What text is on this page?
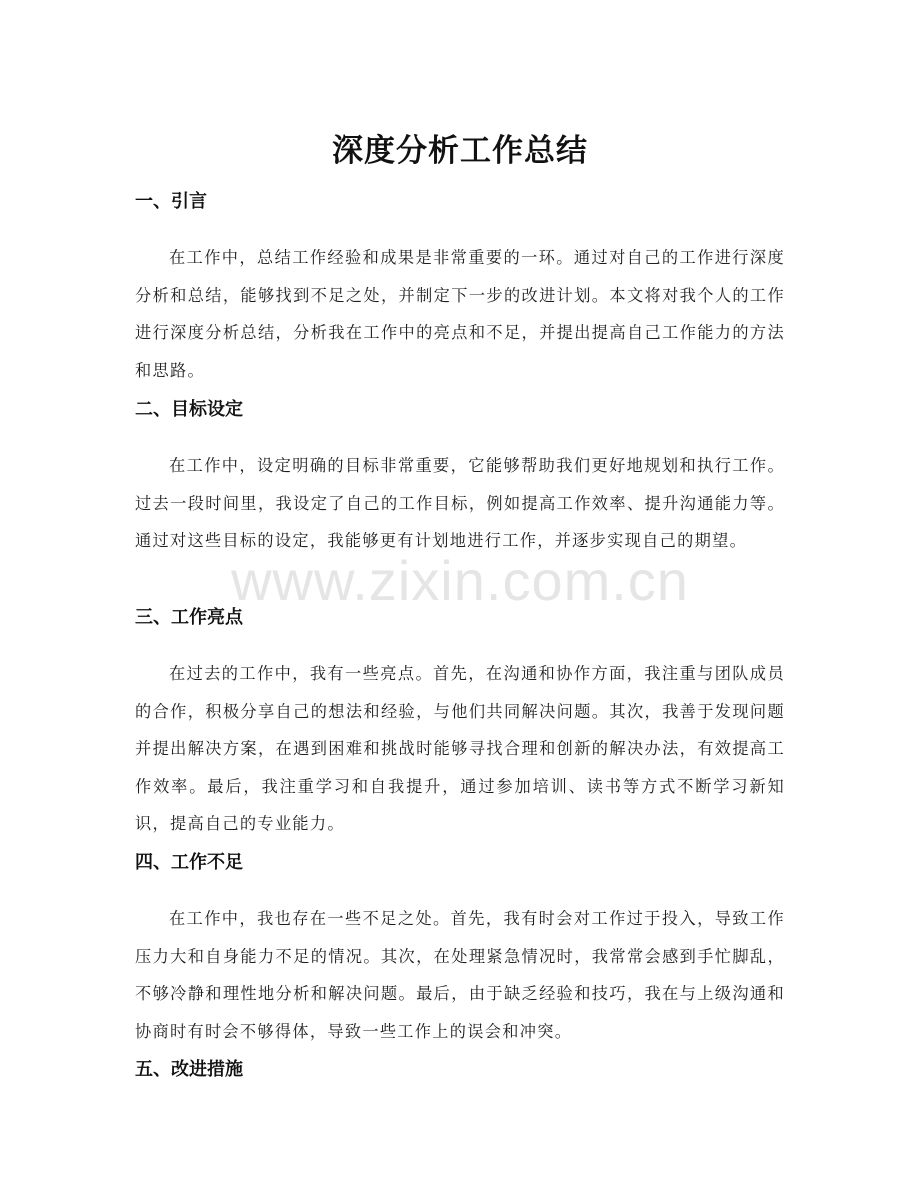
www.zixin.com.cn
深度分析工作总结
一、引言

在工作中，总结工作经验和成果是非常重要的一环。通过对自己的工作进行深度分析和总结，能够找到不足之处，并制定下一步的改进计划。本文将对我个人的工作进行深度分析总结，分析我在工作中的亮点和不足，并提出提高自己工作能力的方法和思路。

二、目标设定

在工作中，设定明确的目标非常重要，它能够帮助我们更好地规划和执行工作。过去一段时间里，我设定了自己的工作目标，例如提高工作效率、提升沟通能力等。通过对这些目标的设定，我能够更有计划地进行工作，并逐步实现自己的期望。

三、工作亮点

在过去的工作中，我有一些亮点。首先，在沟通和协作方面，我注重与团队成员的合作，积极分享自己的想法和经验，与他们共同解决问题。其次，我善于发现问题并提出解决方案，在遇到困难和挑战时能够寻找合理和创新的解决办法，有效提高工作效率。最后，我注重学习和自我提升，通过参加培训、读书等方式不断学习新知识，提高自己的专业能力。

四、工作不足

在工作中，我也存在一些不足之处。首先，我有时会对工作过于投入，导致工作压力大和自身能力不足的情况。其次，在处理紧急情况时，我常常会感到手忙脚乱，不够冷静和理性地分析和解决问题。最后，由于缺乏经验和技巧，我在与上级沟通和协商时有时会不够得体，导致一些工作上的误会和冲突。

五、改进措施
